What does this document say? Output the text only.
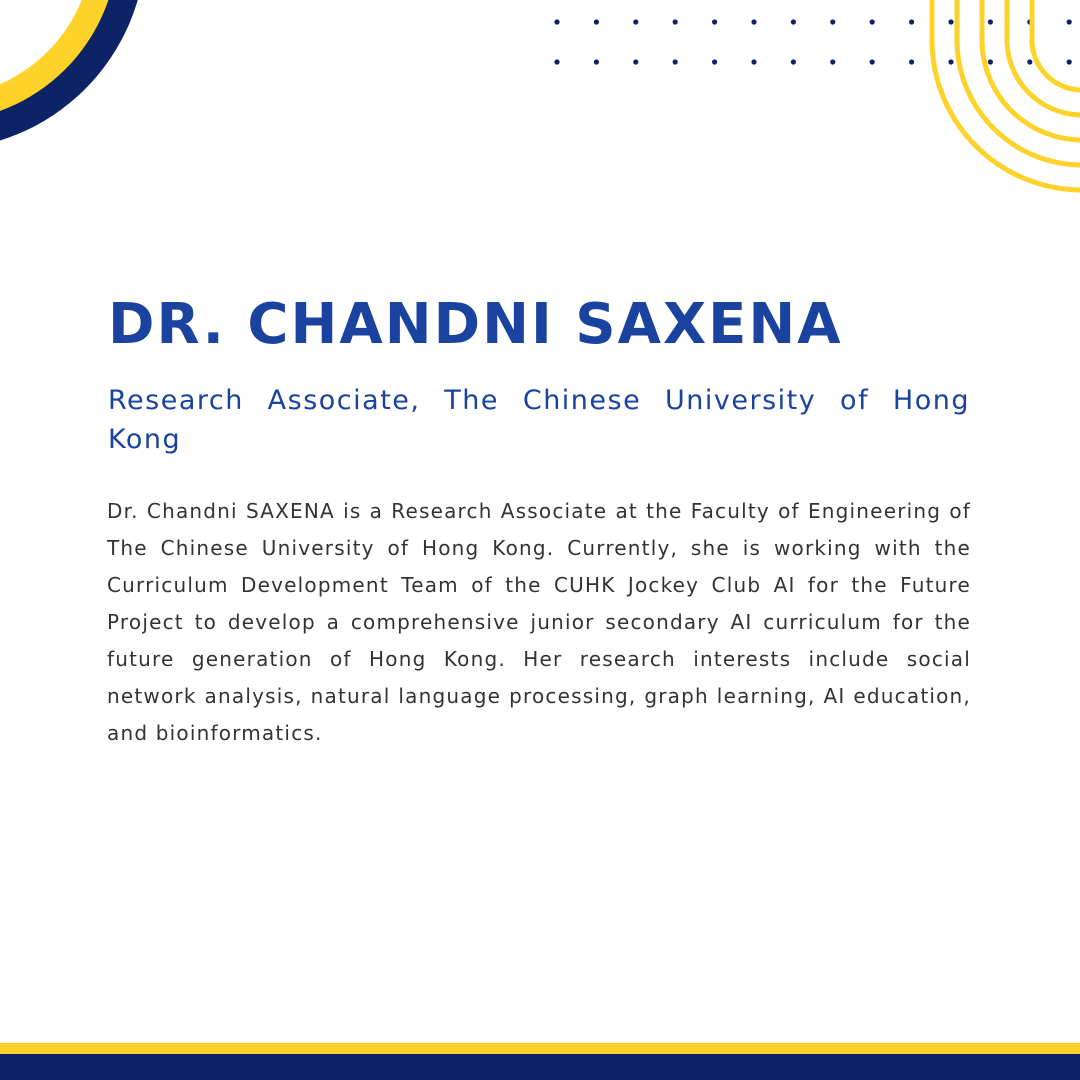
DR. CHANDNI SAXENA

Research Associate, The Chinese University of Hong Kong

Dr. Chandni SAXENA is a Research Associate at the Faculty of Engineering of The Chinese University of Hong Kong. Currently, she is working with the Curriculum Development Team of the CUHK Jockey Club AI for the Future Project to develop a comprehensive junior secondary AI curriculum for the future generation of Hong Kong. Her research interests include social network analysis, natural language processing, graph learning, AI education, and bioinformatics.
